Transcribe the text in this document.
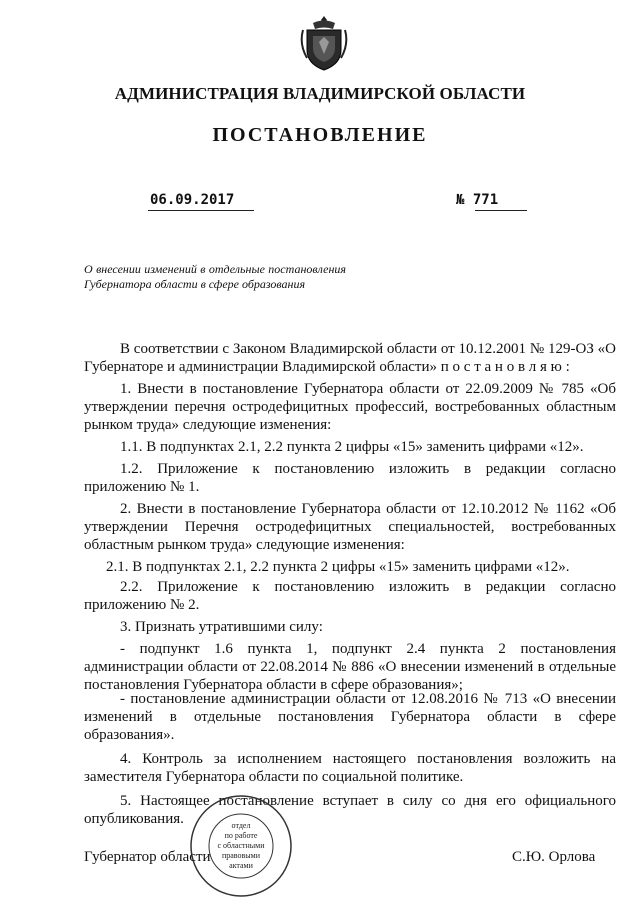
АДМИНИСТРАЦИЯ ВЛАДИМИРСКОЙ ОБЛАСТИ
ПОСТАНОВЛЕНИЕ
06.09.2017	№ 771
О внесении изменений в отдельные постановления Губернатора области в сфере образования
В соответствии с Законом Владимирской области от 10.12.2001 № 129-ОЗ «О Губернаторе и администрации Владимирской области» п о с т а н о в л я ю :
1. Внести в постановление Губернатора области от 22.09.2009 № 785 «Об утверждении перечня остродефицитных профессий, востребованных областным рынком труда» следующие изменения:
1.1. В подпунктах 2.1, 2.2 пункта 2 цифры «15» заменить цифрами «12».
1.2. Приложение к постановлению изложить в редакции согласно приложению № 1.
2. Внести в постановление Губернатора области от 12.10.2012 № 1162 «Об утверждении Перечня остродефицитных специальностей, востребованных областным рынком труда» следующие изменения:
2.1. В подпунктах 2.1, 2.2 пункта 2 цифры «15» заменить цифрами «12».
2.2. Приложение к постановлению изложить в редакции согласно приложению № 2.
3. Признать утратившими силу:
- подпункт 1.6 пункта 1, подпункт 2.4 пункта 2 постановления администрации области от 22.08.2014 № 886 «О внесении изменений в отдельные постановления Губернатора области в сфере образования»;
- постановление администрации области от 12.08.2016 № 713 «О внесении изменений в отдельные постановления Губернатора области в сфере образования».
4. Контроль за исполнением настоящего постановления возложить на заместителя Губернатора области по социальной политике.
5. Настоящее постановление вступает в силу со дня его официального опубликования.	отдел
по работе
с областными
правовыми
актами
Губернатор области	С.Ю. Орлова
